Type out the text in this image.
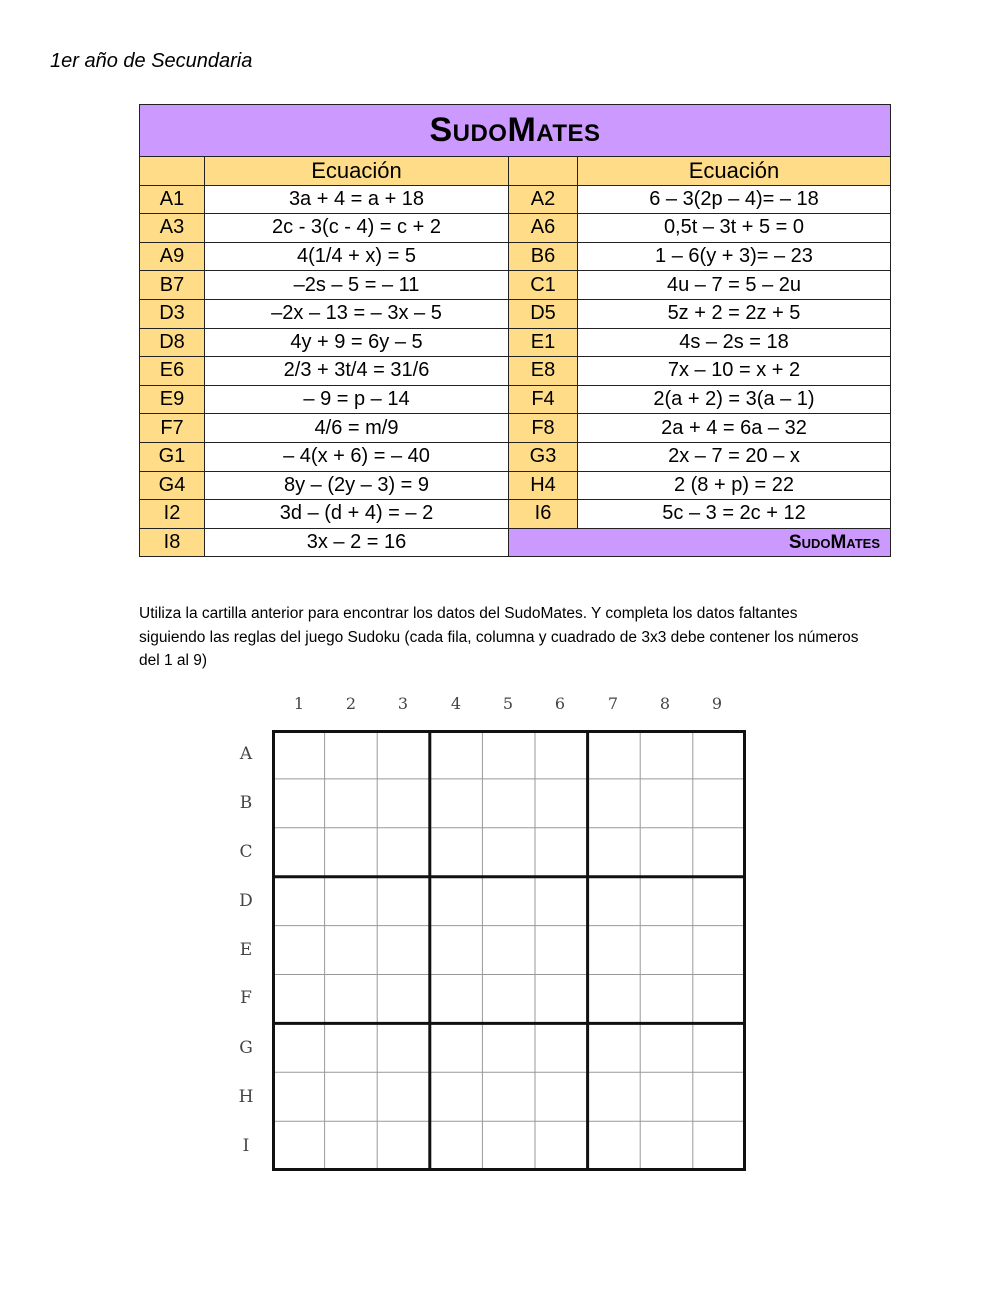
1er año de Secundaria
SudoMates			
	Ecuación		Ecuación
A1	3a + 4 = a + 18	A2	6 – 3(2p – 4)= – 18
A3	2c - 3(c - 4) = c + 2	A6	0,5t – 3t + 5 = 0
A9	4(1/4 + x) = 5	B6	1 – 6(y + 3)= – 23
B7	–2s – 5 = – 11	C1	4u – 7 = 5 – 2u
D3	–2x – 13 = – 3x – 5	D5	5z + 2 = 2z + 5
D8	4y + 9 = 6y – 5	E1	4s – 2s = 18
E6	2/3 + 3t/4 = 31/6	E8	7x – 10 = x + 2
E9	– 9 = p – 14	F4	2(a + 2) = 3(a – 1)
F7	4/6 = m/9	F8	2a + 4 = 6a – 32
G1	– 4(x + 6) = – 40	G3	2x – 7 = 20 – x
G4	8y – (2y – 3) = 9	H4	2 (8 + p) = 22
I2	3d – (d + 4) = – 2	I6	5c – 3 = 2c + 12
I8	3x – 2 = 16	SudoMates	
Utiliza la cartilla anterior para encontrar los datos del SudoMates. Y completa los datos faltantes siguiendo las reglas del juego Sudoku (cada fila, columna y cuadrado de 3x3 debe contener los números del 1 al 9)
1	2	3	4	5	6	7	8	9
A
B
C
D
E
F
G
H
I
